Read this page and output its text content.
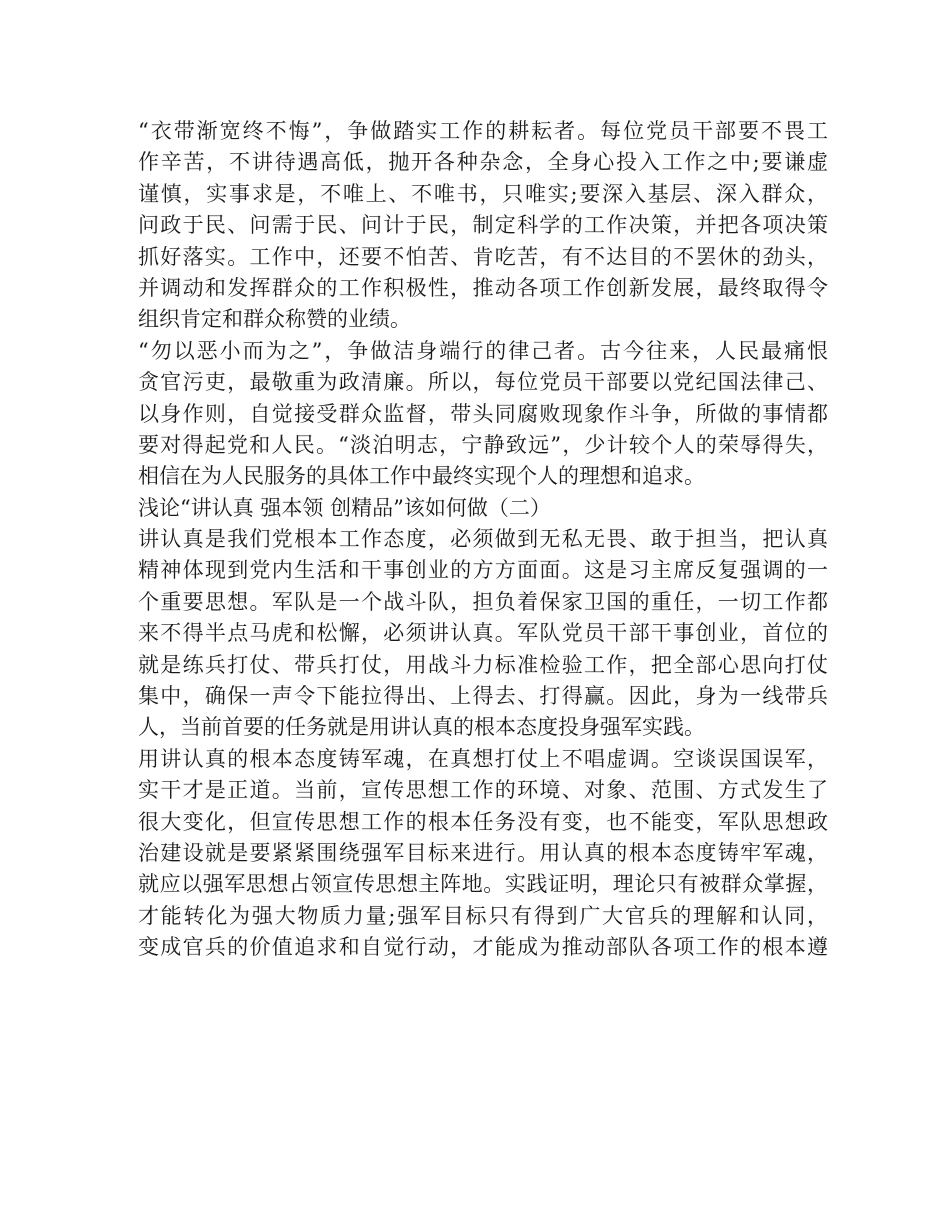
“衣带渐宽终不悔”，争做踏实工作的耕耘者。每位党员干部要不畏工
作辛苦，不讲待遇高低，抛开各种杂念，全身心投入工作之中;要谦虚
谨慎，实事求是，不唯上、不唯书，只唯实;要深入基层、深入群众，
问政于民、问需于民、问计于民，制定科学的工作决策，并把各项决策
抓好落实。工作中，还要不怕苦、肯吃苦，有不达目的不罢休的劲头，
并调动和发挥群众的工作积极性，推动各项工作创新发展，最终取得令
组织肯定和群众称赞的业绩。

“勿以恶小而为之”，争做洁身端行的律己者。古今往来，人民最痛恨
贪官污吏，最敬重为政清廉。所以，每位党员干部要以党纪国法律己、
以身作则，自觉接受群众监督，带头同腐败现象作斗争，所做的事情都
要对得起党和人民。“淡泊明志，宁静致远”，少计较个人的荣辱得失，
相信在为人民服务的具体工作中最终实现个人的理想和追求。

浅论“讲认真 强本领 创精品”该如何做（二）

讲认真是我们党根本工作态度，必须做到无私无畏、敢于担当，把认真
精神体现到党内生活和干事创业的方方面面。这是习主席反复强调的一
个重要思想。军队是一个战斗队，担负着保家卫国的重任，一切工作都
来不得半点马虎和松懈，必须讲认真。军队党员干部干事创业，首位的
就是练兵打仗、带兵打仗，用战斗力标准检验工作，把全部心思向打仗
集中，确保一声令下能拉得出、上得去、打得赢。因此，身为一线带兵
人，当前首要的任务就是用讲认真的根本态度投身强军实践。

用讲认真的根本态度铸军魂，在真想打仗上不唱虚调。空谈误国误军，
实干才是正道。当前，宣传思想工作的环境、对象、范围、方式发生了
很大变化，但宣传思想工作的根本任务没有变，也不能变，军队思想政
治建设就是要紧紧围绕强军目标来进行。用认真的根本态度铸牢军魂，
就应以强军思想占领宣传思想主阵地。实践证明，理论只有被群众掌握，
才能转化为强大物质力量;强军目标只有得到广大官兵的理解和认同，
变成官兵的价值追求和自觉行动，才能成为推动部队各项工作的根本遵
